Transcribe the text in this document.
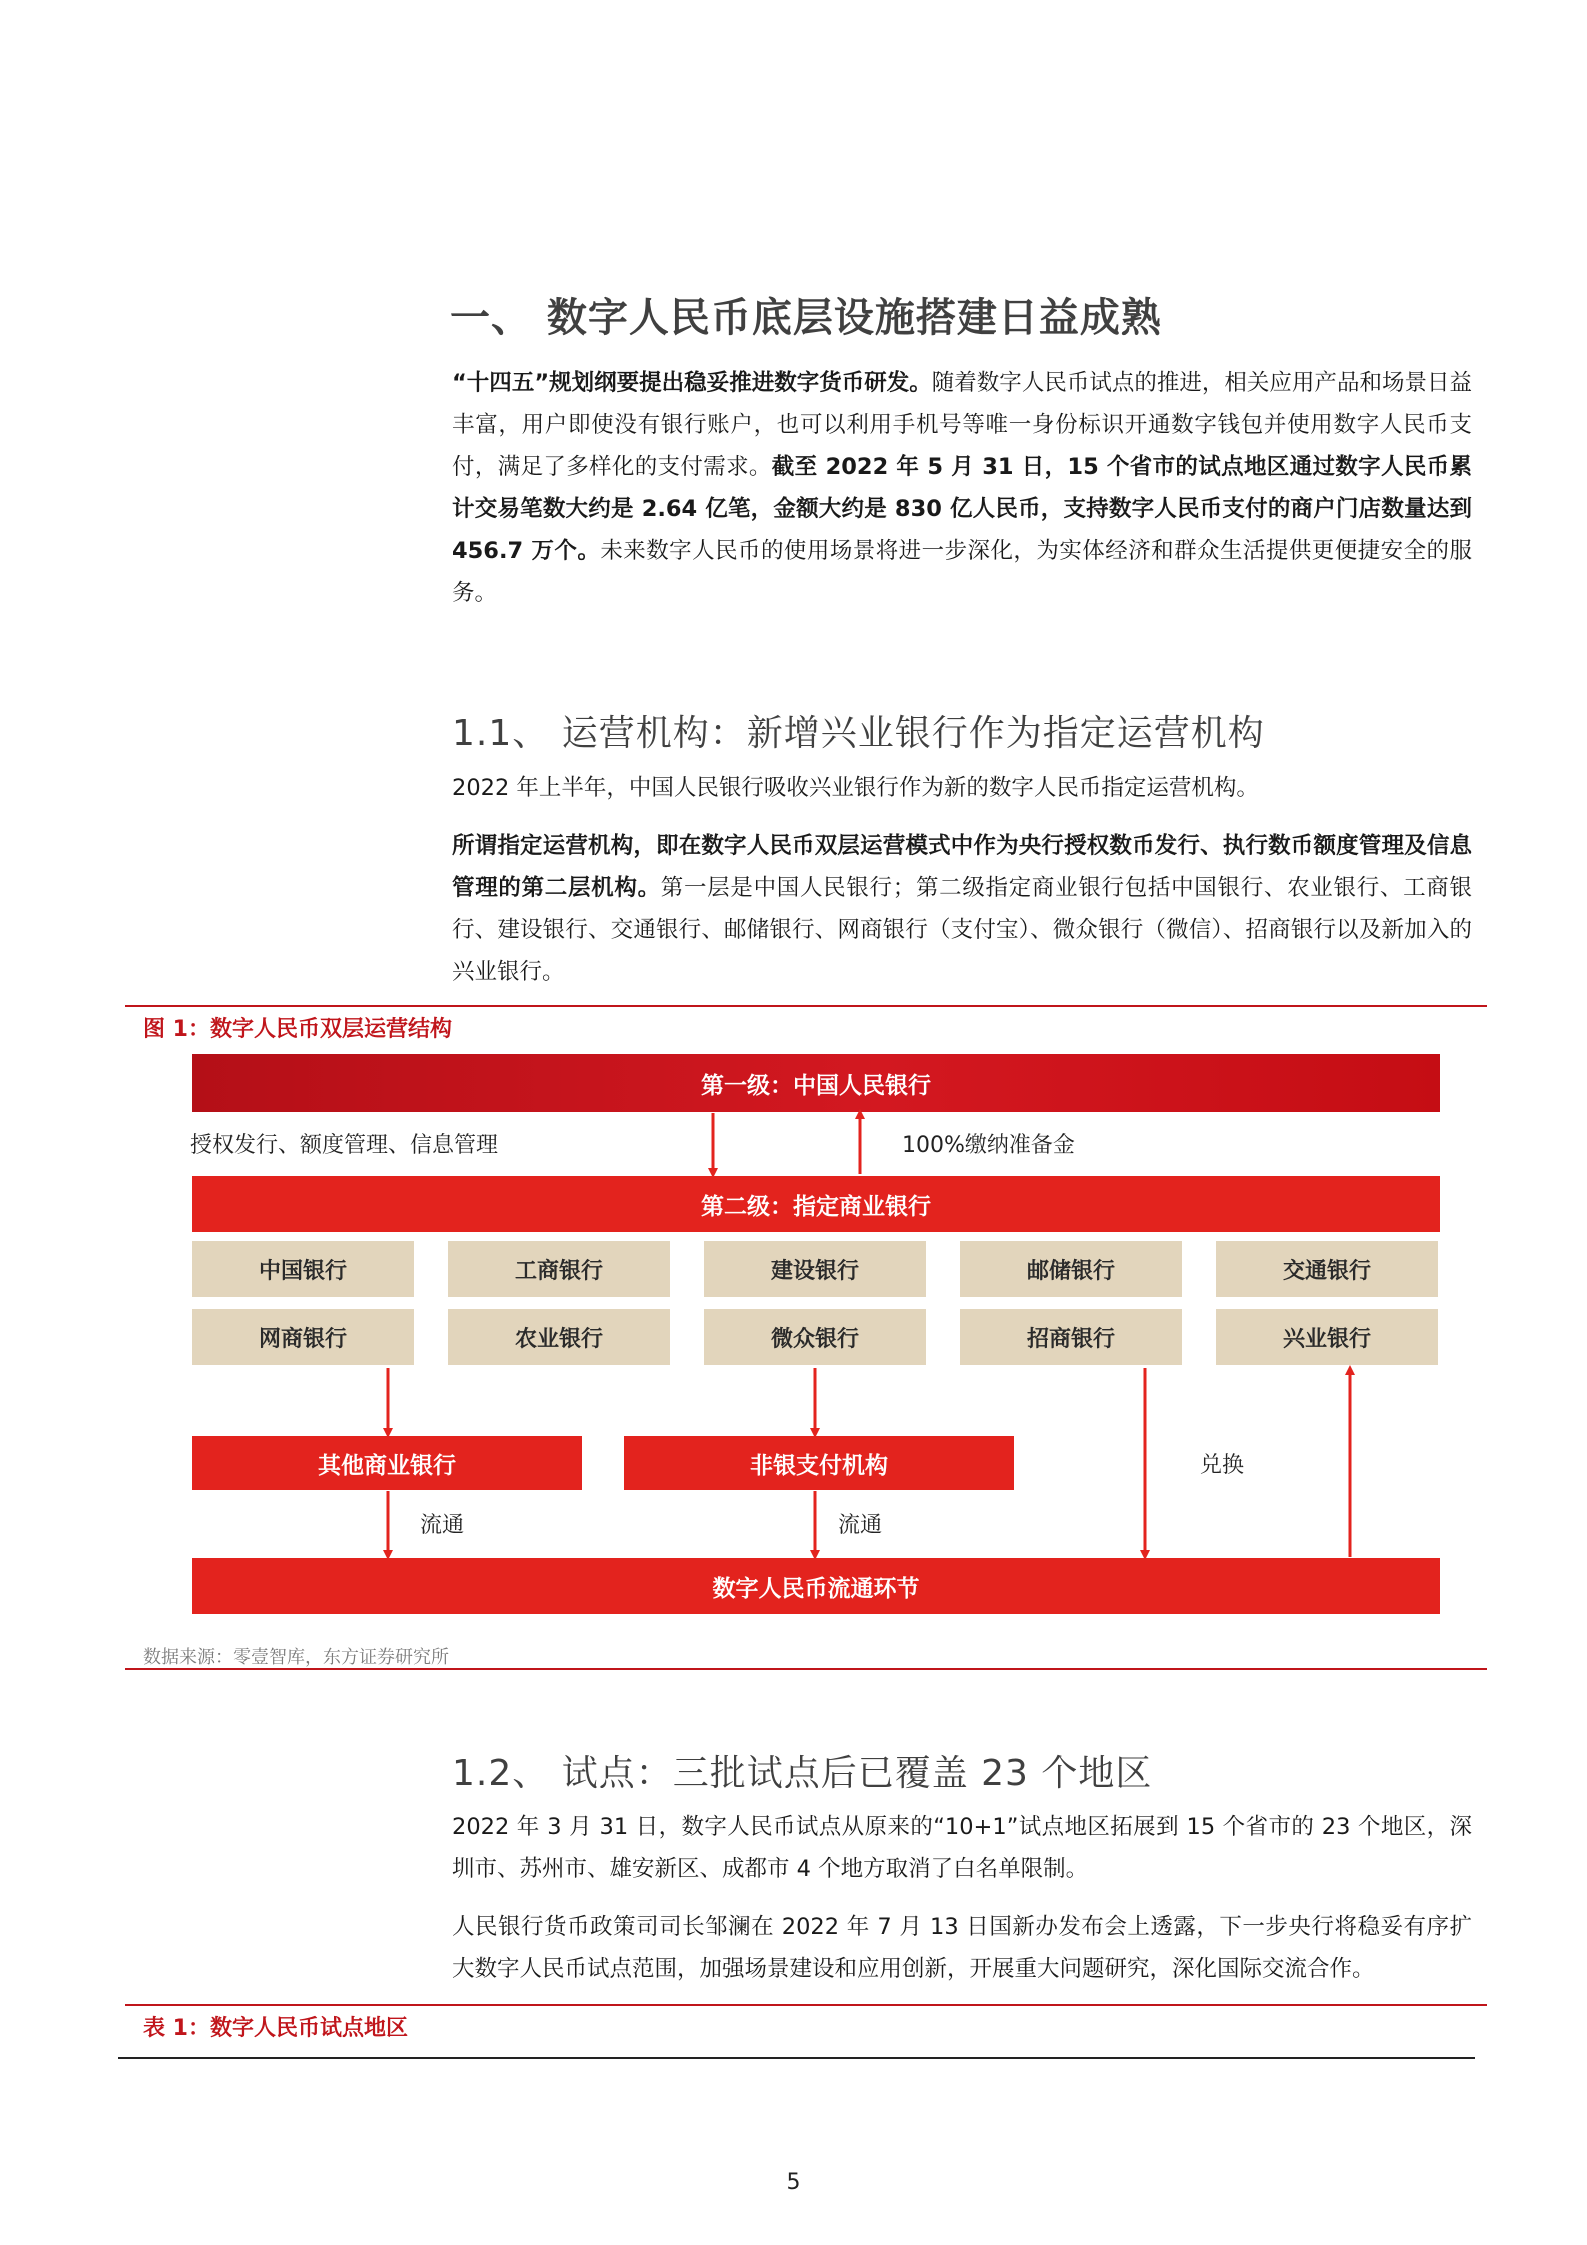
一、 数字人民币底层设施搭建日益成熟
“十四五”规划纲要提出稳妥推进数字货币研发。随着数字人民币试点的推进，相关应用产品和场景日益丰富，用户即使没有银行账户，也可以利用手机号等唯一身份标识开通数字钱包并使用数字人民币支付，满足了多样化的支付需求。截至 2022 年 5 月 31 日，15 个省市的试点地区通过数字人民币累计交易笔数大约是 2.64 亿笔，金额大约是 830 亿人民币，支持数字人民币支付的商户门店数量达到 456.7 万个。未来数字人民币的使用场景将进一步深化，为实体经济和群众生活提供更便捷安全的服务。
1.1、 运营机构：新增兴业银行作为指定运营机构
2022 年上半年，中国人民银行吸收兴业银行作为新的数字人民币指定运营机构。
所谓指定运营机构，即在数字人民币双层运营模式中作为央行授权数币发行、执行数币额度管理及信息管理的第二层机构。第一层是中国人民银行；第二级指定商业银行包括中国银行、农业银行、工商银行、建设银行、交通银行、邮储银行、网商银行（支付宝）、微众银行（微信）、招商银行以及新加入的兴业银行。
图 1：数字人民币双层运营结构
第一级：中国人民银行
授权发行、额度管理、信息管理	100%缴纳准备金
第二级：指定商业银行
中国银行	工商银行	建设银行	邮储银行	交通银行
网商银行	农业银行	微众银行	招商银行	兴业银行
其他商业银行	非银支付机构	兑换
流通	流通
数字人民币流通环节
数据来源：零壹智库，东方证券研究所
1.2、 试点：三批试点后已覆盖 23 个地区
2022 年 3 月 31 日，数字人民币试点从原来的“10+1”试点地区拓展到 15 个省市的 23 个地区，深圳市、苏州市、雄安新区、成都市 4 个地方取消了白名单限制。
人民银行货币政策司司长邹澜在 2022 年 7 月 13 日国新办发布会上透露，下一步央行将稳妥有序扩大数字人民币试点范围，加强场景建设和应用创新，开展重大问题研究，深化国际交流合作。
表 1：数字人民币试点地区
5
